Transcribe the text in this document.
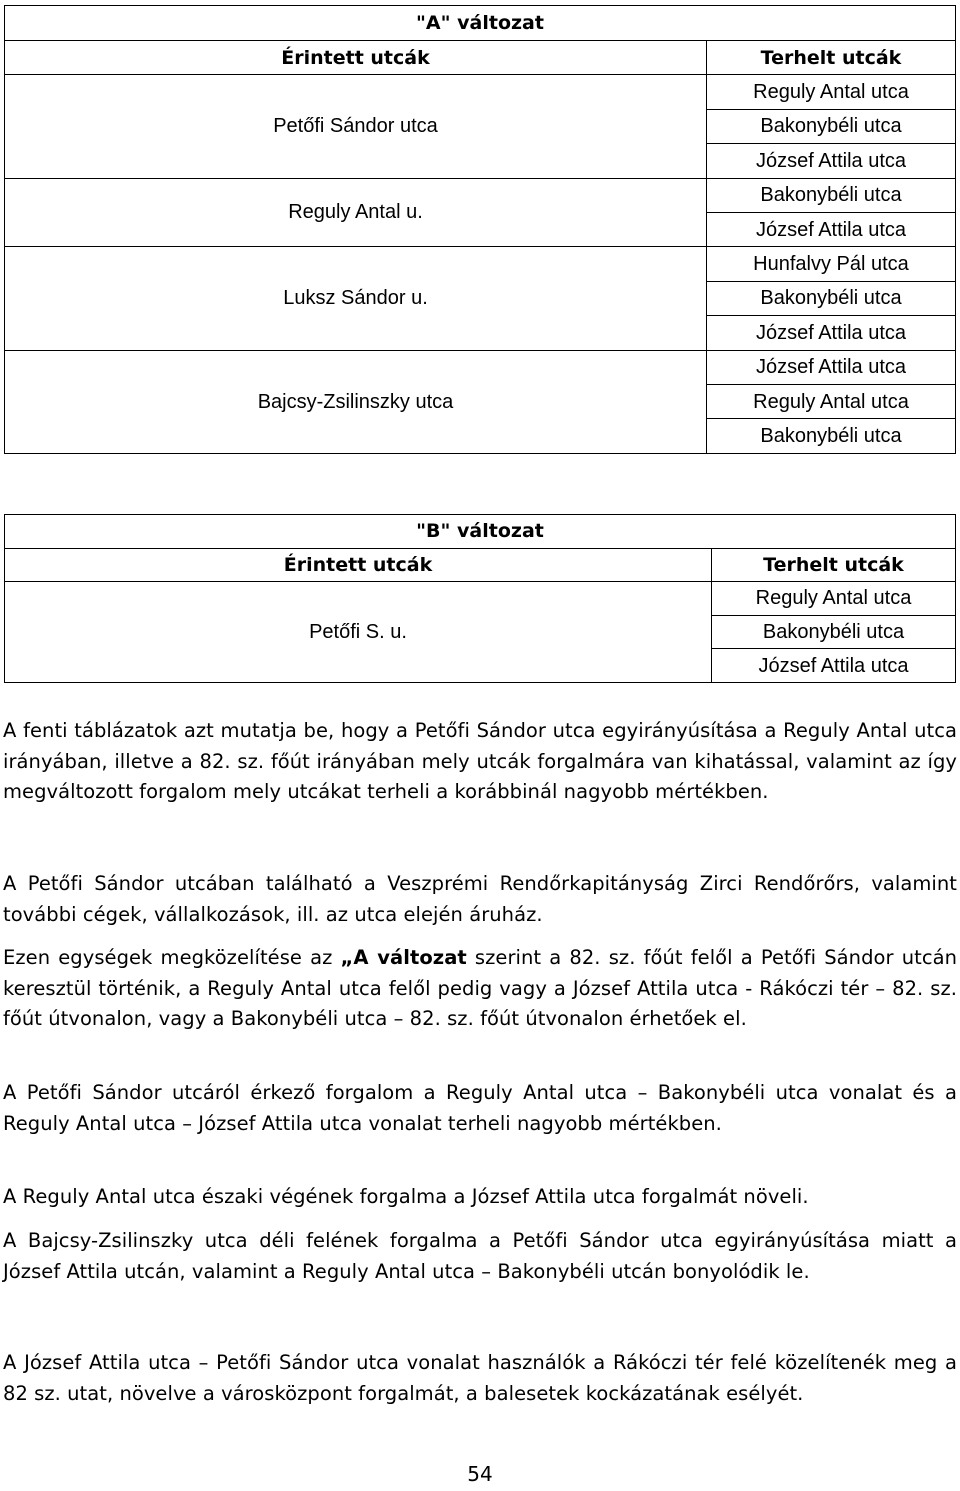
"A" változat	
Érintett utcák	Terhelt utcák
Petőfi Sándor utca	Reguly Antal utca
	Bakonybéli utca
	József Attila utca
Reguly Antal u.	Bakonybéli utca
	József Attila utca
Luksz Sándor u.	Hunfalvy Pál utca
	Bakonybéli utca
	József Attila utca
Bajcsy-Zsilinszky utca	József Attila utca
	Reguly Antal utca
	Bakonybéli utca
"B" változat	
Érintett utcák	Terhelt utcák
Petőfi S. u.	Reguly Antal utca
	Bakonybéli utca
	József Attila utca

A fenti táblázatok azt mutatja be, hogy a Petőfi Sándor utca egyirányúsítása a Reguly Antal utca irányában, illetve a 82. sz. főút irányában mely utcák forgalmára van kihatással, valamint az így megváltozott forgalom mely utcákat terheli a korábbinál nagyobb mértékben.

A Petőfi Sándor utcában található a Veszprémi Rendőrkapitányság Zirci Rendőrőrs, valamint további cégek, vállalkozások, ill. az utca elején áruház.

Ezen egységek megközelítése az „A változat szerint a 82. sz. főút felől a Petőfi Sándor utcán keresztül történik, a Reguly Antal utca felől pedig vagy a József Attila utca - Rákóczi tér – 82. sz. főút útvonalon, vagy a Bakonybéli utca – 82. sz. főút útvonalon érhetőek el.

A Petőfi Sándor utcáról érkező forgalom a Reguly Antal utca – Bakonybéli utca vonalat és a Reguly Antal utca – József Attila utca vonalat terheli nagyobb mértékben.

A Reguly Antal utca északi végének forgalma a József Attila utca forgalmát növeli.

A Bajcsy-Zsilinszky utca déli felének forgalma a Petőfi Sándor utca egyirányúsítása miatt a József Attila utcán, valamint a Reguly Antal utca – Bakonybéli utcán bonyolódik le.

A József Attila utca – Petőfi Sándor utca vonalat használók a Rákóczi tér felé közelítenék meg a 82 sz. utat, növelve a városközpont forgalmát, a balesetek kockázatának esélyét.

54
